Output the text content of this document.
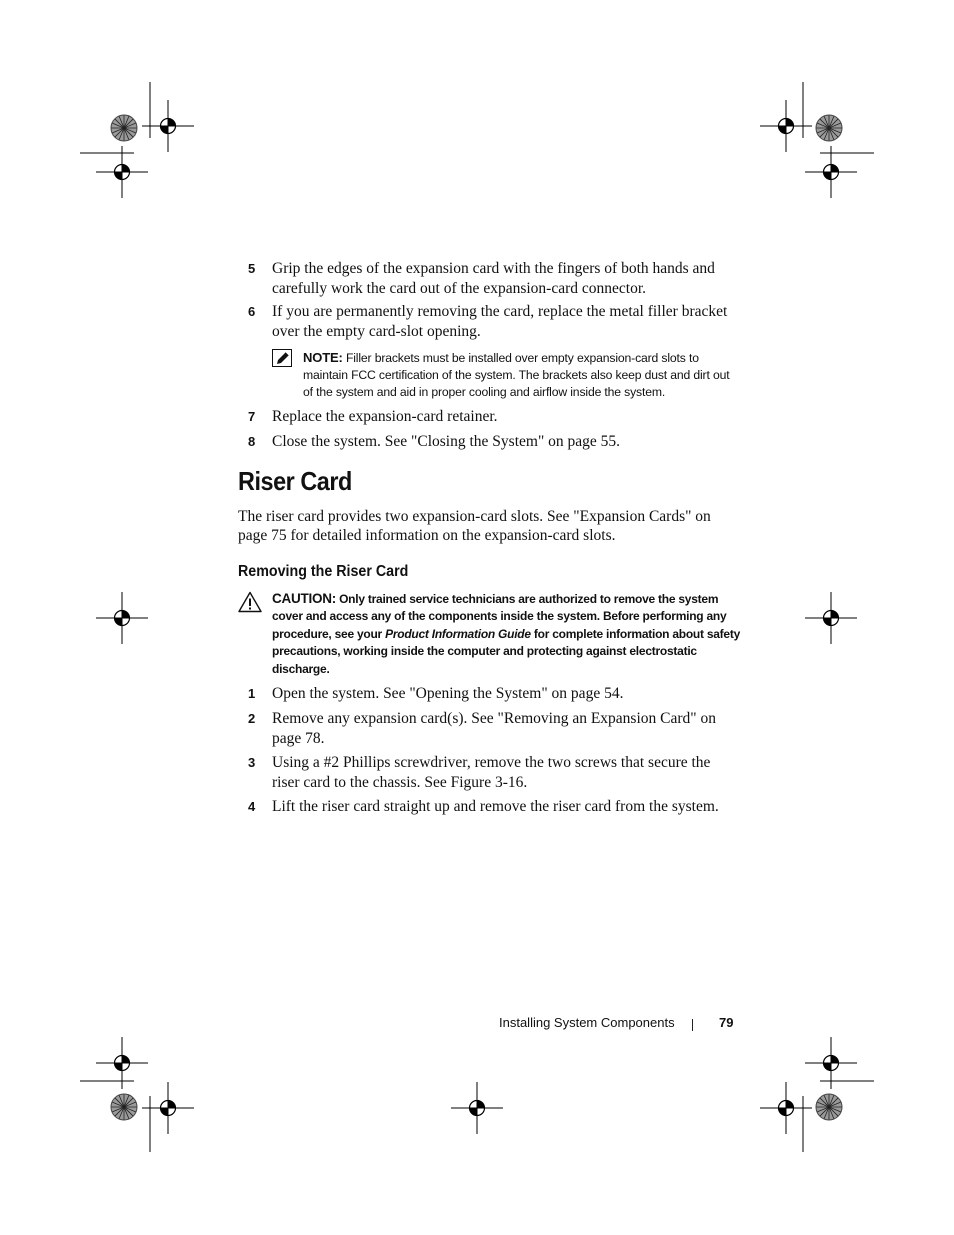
5 Grip the edges of the expansion card with the fingers of both hands and carefully work the card out of the expansion-card connector.
6 If you are permanently removing the card, replace the metal filler bracket over the empty card-slot opening.
NOTE: Filler brackets must be installed over empty expansion-card slots to maintain FCC certification of the system. The brackets also keep dust and dirt out of the system and aid in proper cooling and airflow inside the system.
7 Replace the expansion-card retainer.
8 Close the system. See "Closing the System" on page 55.
Riser Card
The riser card provides two expansion-card slots. See "Expansion Cards" on page 75 for detailed information on the expansion-card slots.
Removing the Riser Card
CAUTION: Only trained service technicians are authorized to remove the system cover and access any of the components inside the system. Before performing any procedure, see your Product Information Guide for complete information about safety precautions, working inside the computer and protecting against electrostatic discharge.
1 Open the system. See "Opening the System" on page 54.
2 Remove any expansion card(s). See "Removing an Expansion Card" on page 78.
3 Using a #2 Phillips screwdriver, remove the two screws that secure the riser card to the chassis. See Figure 3-16.
4 Lift the riser card straight up and remove the riser card from the system.
Installing System Components	79
